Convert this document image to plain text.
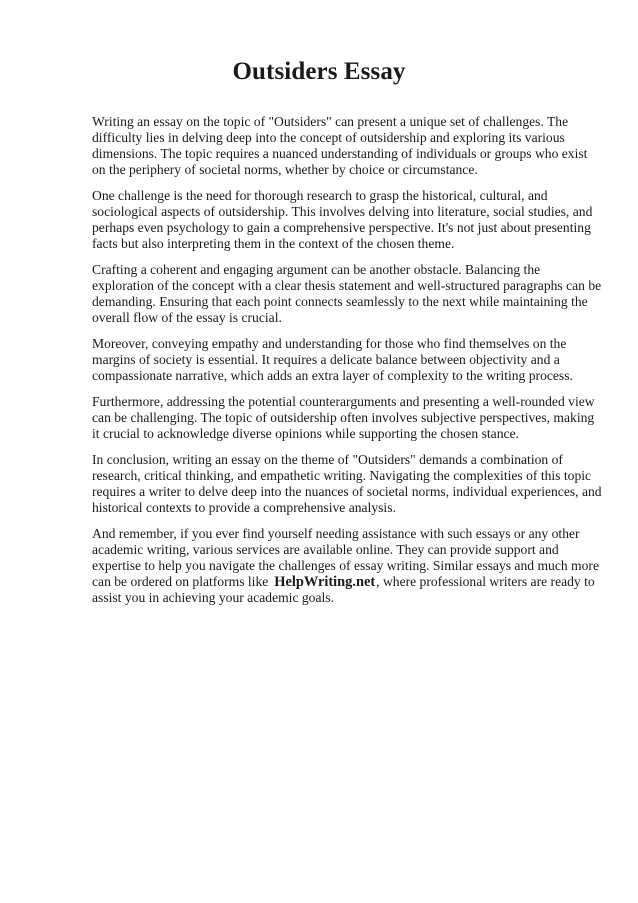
Outsiders Essay

Writing an essay on the topic of "Outsiders" can present a unique set of challenges. The difficulty lies in delving deep into the concept of outsidership and exploring its various dimensions. The topic requires a nuanced understanding of individuals or groups who exist on the periphery of societal norms, whether by choice or circumstance.

One challenge is the need for thorough research to grasp the historical, cultural, and sociological aspects of outsidership. This involves delving into literature, social studies, and perhaps even psychology to gain a comprehensive perspective. It's not just about presenting facts but also interpreting them in the context of the chosen theme.

Crafting a coherent and engaging argument can be another obstacle. Balancing the exploration of the concept with a clear thesis statement and well-structured paragraphs can be demanding. Ensuring that each point connects seamlessly to the next while maintaining the overall flow of the essay is crucial.

Moreover, conveying empathy and understanding for those who find themselves on the margins of society is essential. It requires a delicate balance between objectivity and a compassionate narrative, which adds an extra layer of complexity to the writing process.

Furthermore, addressing the potential counterarguments and presenting a well-rounded view can be challenging. The topic of outsidership often involves subjective perspectives, making it crucial to acknowledge diverse opinions while supporting the chosen stance.

In conclusion, writing an essay on the theme of "Outsiders" demands a combination of research, critical thinking, and empathetic writing. Navigating the complexities of this topic requires a writer to delve deep into the nuances of societal norms, individual experiences, and historical contexts to provide a comprehensive analysis.

And remember, if you ever find yourself needing assistance with such essays or any other academic writing, various services are available online. They can provide support and expertise to help you navigate the challenges of essay writing. Similar essays and much more can be ordered on platforms like HelpWriting.net, where professional writers are ready to assist you in achieving your academic goals.
